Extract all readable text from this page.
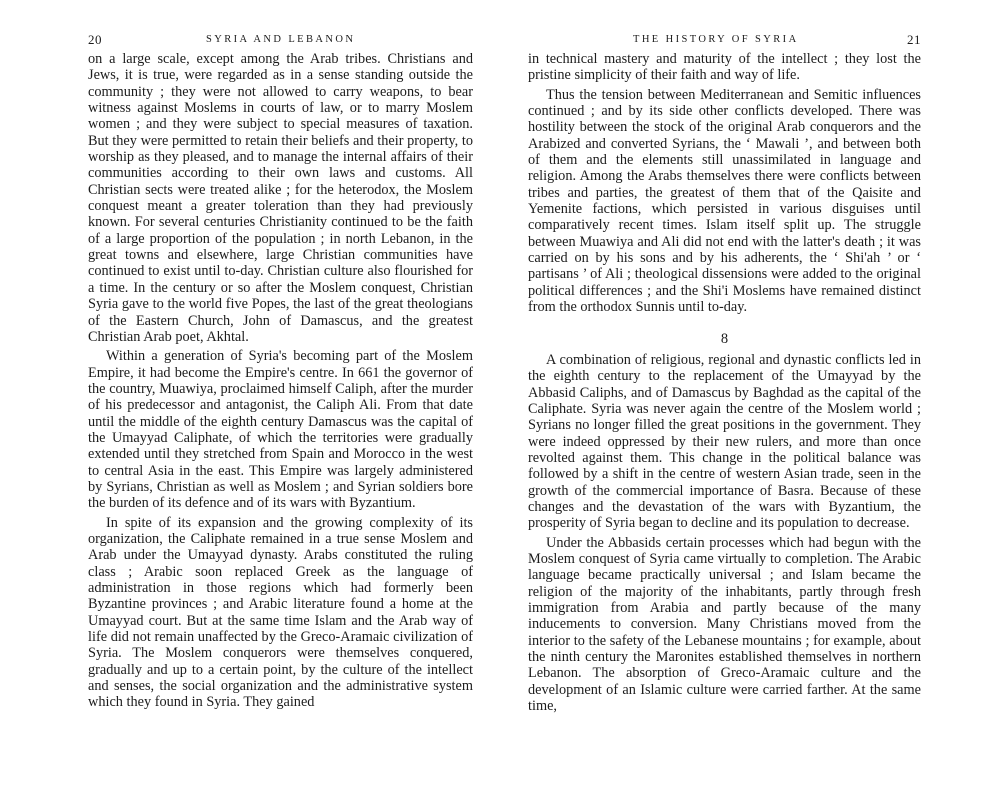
20	SYRIA AND LEBANON

on a large scale, except among the Arab tribes. Christians and Jews, it is true, were regarded as in a sense standing outside the community ; they were not allowed to carry weapons, to bear witness against Moslems in courts of law, or to marry Moslem women ; and they were subject to special measures of taxation. But they were permitted to retain their beliefs and their property, to worship as they pleased, and to manage the internal affairs of their communities according to their own laws and customs. All Christian sects were treated alike ; for the heterodox, the Moslem conquest meant a greater toleration than they had previously known. For several centuries Christianity continued to be the faith of a large proportion of the population ; in north Lebanon, in the great towns and elsewhere, large Christian communities have continued to exist until to-day. Christian culture also flourished for a time. In the century or so after the Moslem conquest, Christian Syria gave to the world five Popes, the last of the great theologians of the Eastern Church, John of Damascus, and the greatest Christian Arab poet, Akhtal.

Within a generation of Syria's becoming part of the Moslem Empire, it had become the Empire's centre. In 661 the governor of the country, Muawiya, proclaimed himself Caliph, after the murder of his predecessor and antagonist, the Caliph Ali. From that date until the middle of the eighth century Damascus was the capital of the Umayyad Caliphate, of which the territories were gradually extended until they stretched from Spain and Morocco in the west to central Asia in the east. This Empire was largely administered by Syrians, Christian as well as Moslem ; and Syrian soldiers bore the burden of its defence and of its wars with Byzantium.

In spite of its expansion and the growing complexity of its organization, the Caliphate remained in a true sense Moslem and Arab under the Umayyad dynasty. Arabs constituted the ruling class ; Arabic soon replaced Greek as the language of administration in those regions which had formerly been Byzantine provinces ; and Arabic literature found a home at the Umayyad court. But at the same time Islam and the Arab way of life did not remain unaffected by the Greco-Aramaic civilization of Syria. The Moslem conquerors were themselves conquered, gradually and up to a certain point, by the culture of the intellect and senses, the social organization and the administrative system which they found in Syria. They gained

THE HISTORY OF SYRIA	21

in technical mastery and maturity of the intellect ; they lost the pristine simplicity of their faith and way of life.

Thus the tension between Mediterranean and Semitic influences continued ; and by its side other conflicts developed. There was hostility between the stock of the original Arab conquerors and the Arabized and converted Syrians, the ‘ Mawali ’, and between both of them and the elements still unassimilated in language and religion. Among the Arabs themselves there were conflicts between tribes and parties, the greatest of them that of the Qaisite and Yemenite factions, which persisted in various disguises until comparatively recent times. Islam itself split up. The struggle between Muawiya and Ali did not end with the latter's death ; it was carried on by his sons and by his adherents, the ‘ Shi'ah ’ or ‘ partisans ’ of Ali ; theological dissensions were added to the original political differences ; and the Shi'i Moslems have remained distinct from the orthodox Sunnis until to-day.

8

A combination of religious, regional and dynastic conflicts led in the eighth century to the replacement of the Umayyad by the Abbasid Caliphs, and of Damascus by Baghdad as the capital of the Caliphate. Syria was never again the centre of the Moslem world ; Syrians no longer filled the great positions in the government. They were indeed oppressed by their new rulers, and more than once revolted against them. This change in the political balance was followed by a shift in the centre of western Asian trade, seen in the growth of the commercial importance of Basra. Because of these changes and the devastation of the wars with Byzantium, the prosperity of Syria began to decline and its population to decrease.

Under the Abbasids certain processes which had begun with the Moslem conquest of Syria came virtually to completion. The Arabic language became practically universal ; and Islam became the religion of the majority of the inhabitants, partly through fresh immigration from Arabia and partly because of the many inducements to conversion. Many Christians moved from the interior to the safety of the Lebanese mountains ; for example, about the ninth century the Maronites established themselves in northern Lebanon. The absorption of Greco-Aramaic culture and the development of an Islamic culture were carried farther. At the same time,
